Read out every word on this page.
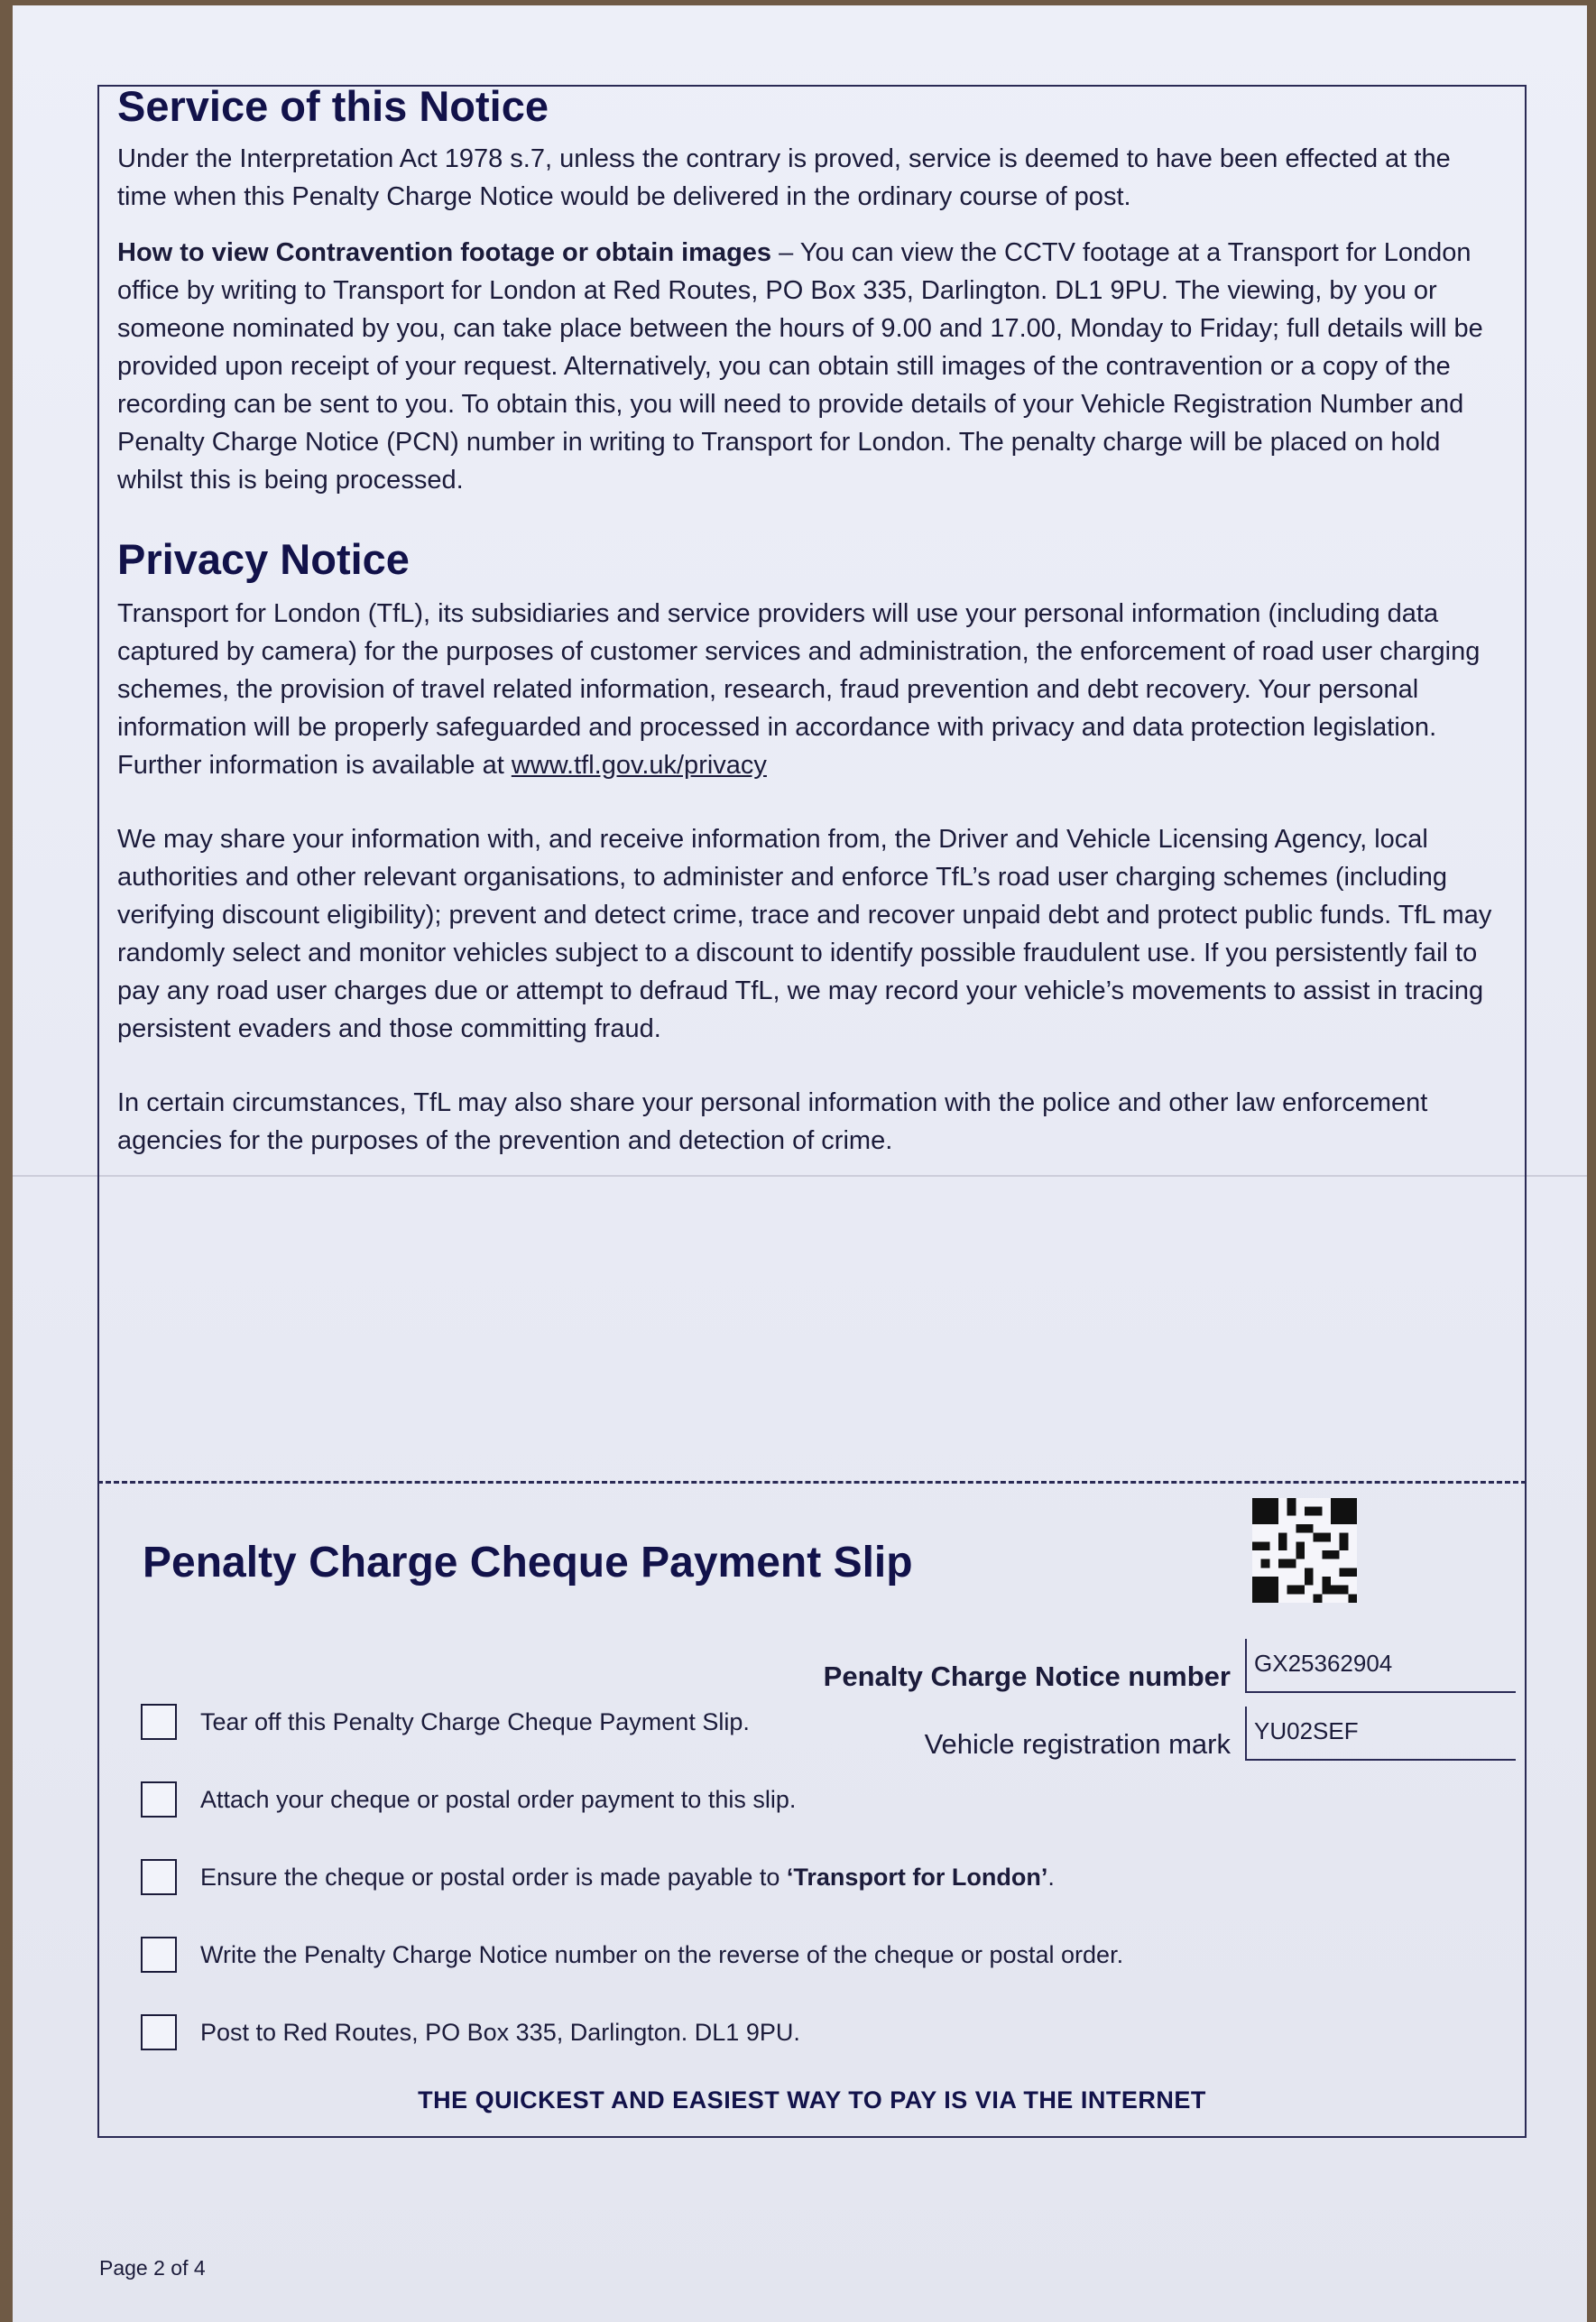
Service of this Notice

Under the Interpretation Act 1978 s.7, unless the contrary is proved, service is deemed to have been effected at the time when this Penalty Charge Notice would be delivered in the ordinary course of post.

How to view Contravention footage or obtain images – You can view the CCTV footage at a Transport for London office by writing to Transport for London at Red Routes, PO Box 335, Darlington. DL1 9PU. The viewing, by you or someone nominated by you, can take place between the hours of 9.00 and 17.00, Monday to Friday; full details will be provided upon receipt of your request. Alternatively, you can obtain still images of the contravention or a copy of the recording can be sent to you. To obtain this, you will need to provide details of your Vehicle Registration Number and Penalty Charge Notice (PCN) number in writing to Transport for London. The penalty charge will be placed on hold whilst this is being processed.

Privacy Notice

Transport for London (TfL), its subsidiaries and service providers will use your personal information (including data captured by camera) for the purposes of customer services and administration, the enforcement of road user charging schemes, the provision of travel related information, research, fraud prevention and debt recovery. Your personal information will be properly safeguarded and processed in accordance with privacy and data protection legislation. Further information is available at www.tfl.gov.uk/privacy

We may share your information with, and receive information from, the Driver and Vehicle Licensing Agency, local authorities and other relevant organisations, to administer and enforce TfL’s road user charging schemes (including verifying discount eligibility); prevent and detect crime, trace and recover unpaid debt and protect public funds. TfL may randomly select and monitor vehicles subject to a discount to identify possible fraudulent use. If you persistently fail to pay any road user charges due or attempt to defraud TfL, we may record your vehicle’s movements to assist in tracing persistent evaders and those committing fraud.

In certain circumstances, TfL may also share your personal information with the police and other law enforcement agencies for the purposes of the prevention and detection of crime.

Penalty Charge Cheque Payment Slip
Penalty Charge Notice number	GX25362904
Vehicle registration mark	YU02SEF
Tear off this Penalty Charge Cheque Payment Slip.
Attach your cheque or postal order payment to this slip.
Ensure the cheque or postal order is made payable to ‘Transport for London’.
Write the Penalty Charge Notice number on the reverse of the cheque or postal order.
Post to Red Routes, PO Box 335, Darlington. DL1 9PU.
THE QUICKEST AND EASIEST WAY TO PAY IS VIA THE INTERNET
Page 2 of 4
